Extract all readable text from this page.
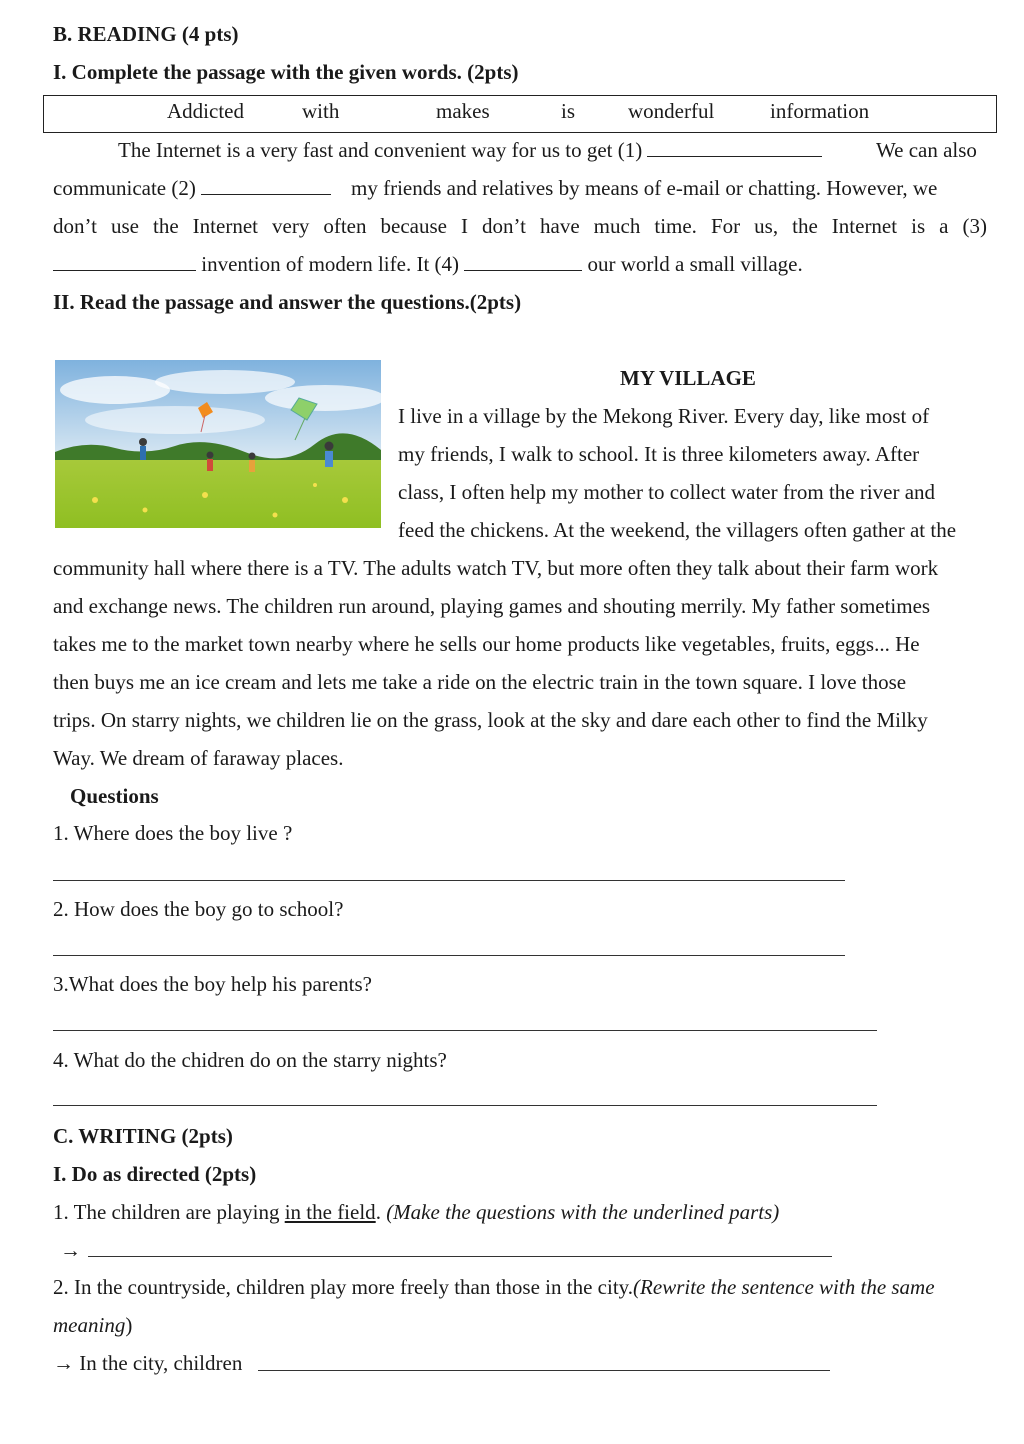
B. READING (4 pts)
I. Complete the passage with the given words. (2pts)
Addicted	with	makes	is	wonderful	information
The Internet is a very fast and convenient way for us to get (1)	We can also
communicate (2)	my friends and relatives by means of e-mail or chatting. However, we
don’t use the Internet very often because I don’t have much time. For us, the Internet is a (3)
invention of modern life. It (4)	our world a small village.
II. Read the passage and answer the questions.(2pts)
MY VILLAGE
I live in a village by the Mekong River. Every day, like most of
my friends, I walk to school. It is three kilometers away. After
class, I often help my mother to collect water from the river and
feed the chickens. At the weekend, the villagers often gather at the
community hall where there is a TV. The adults watch TV, but more often they talk about their farm work
and exchange news. The children run around, playing games and shouting merrily. My father sometimes
takes me to the market town nearby where he sells our home products like vegetables, fruits, eggs... He
then buys me an ice cream and lets me take a ride on the electric train in the town square. I love those
trips. On starry nights, we children lie on the grass, look at the sky and dare each other to find the Milky
Way. We dream of faraway places.
Questions
1. Where does the boy live ?
2. How does the boy go to school?
3.What does the boy help his parents?
4. What do the chidren do on the starry nights?
C. WRITING (2pts)
I. Do as directed (2pts)
1. The children are playing in the field. (Make the questions with the underlined parts)
→
2. In the countryside, children play more freely than those in the city.(Rewrite the sentence with the same
meaning)
→ In the city, children
